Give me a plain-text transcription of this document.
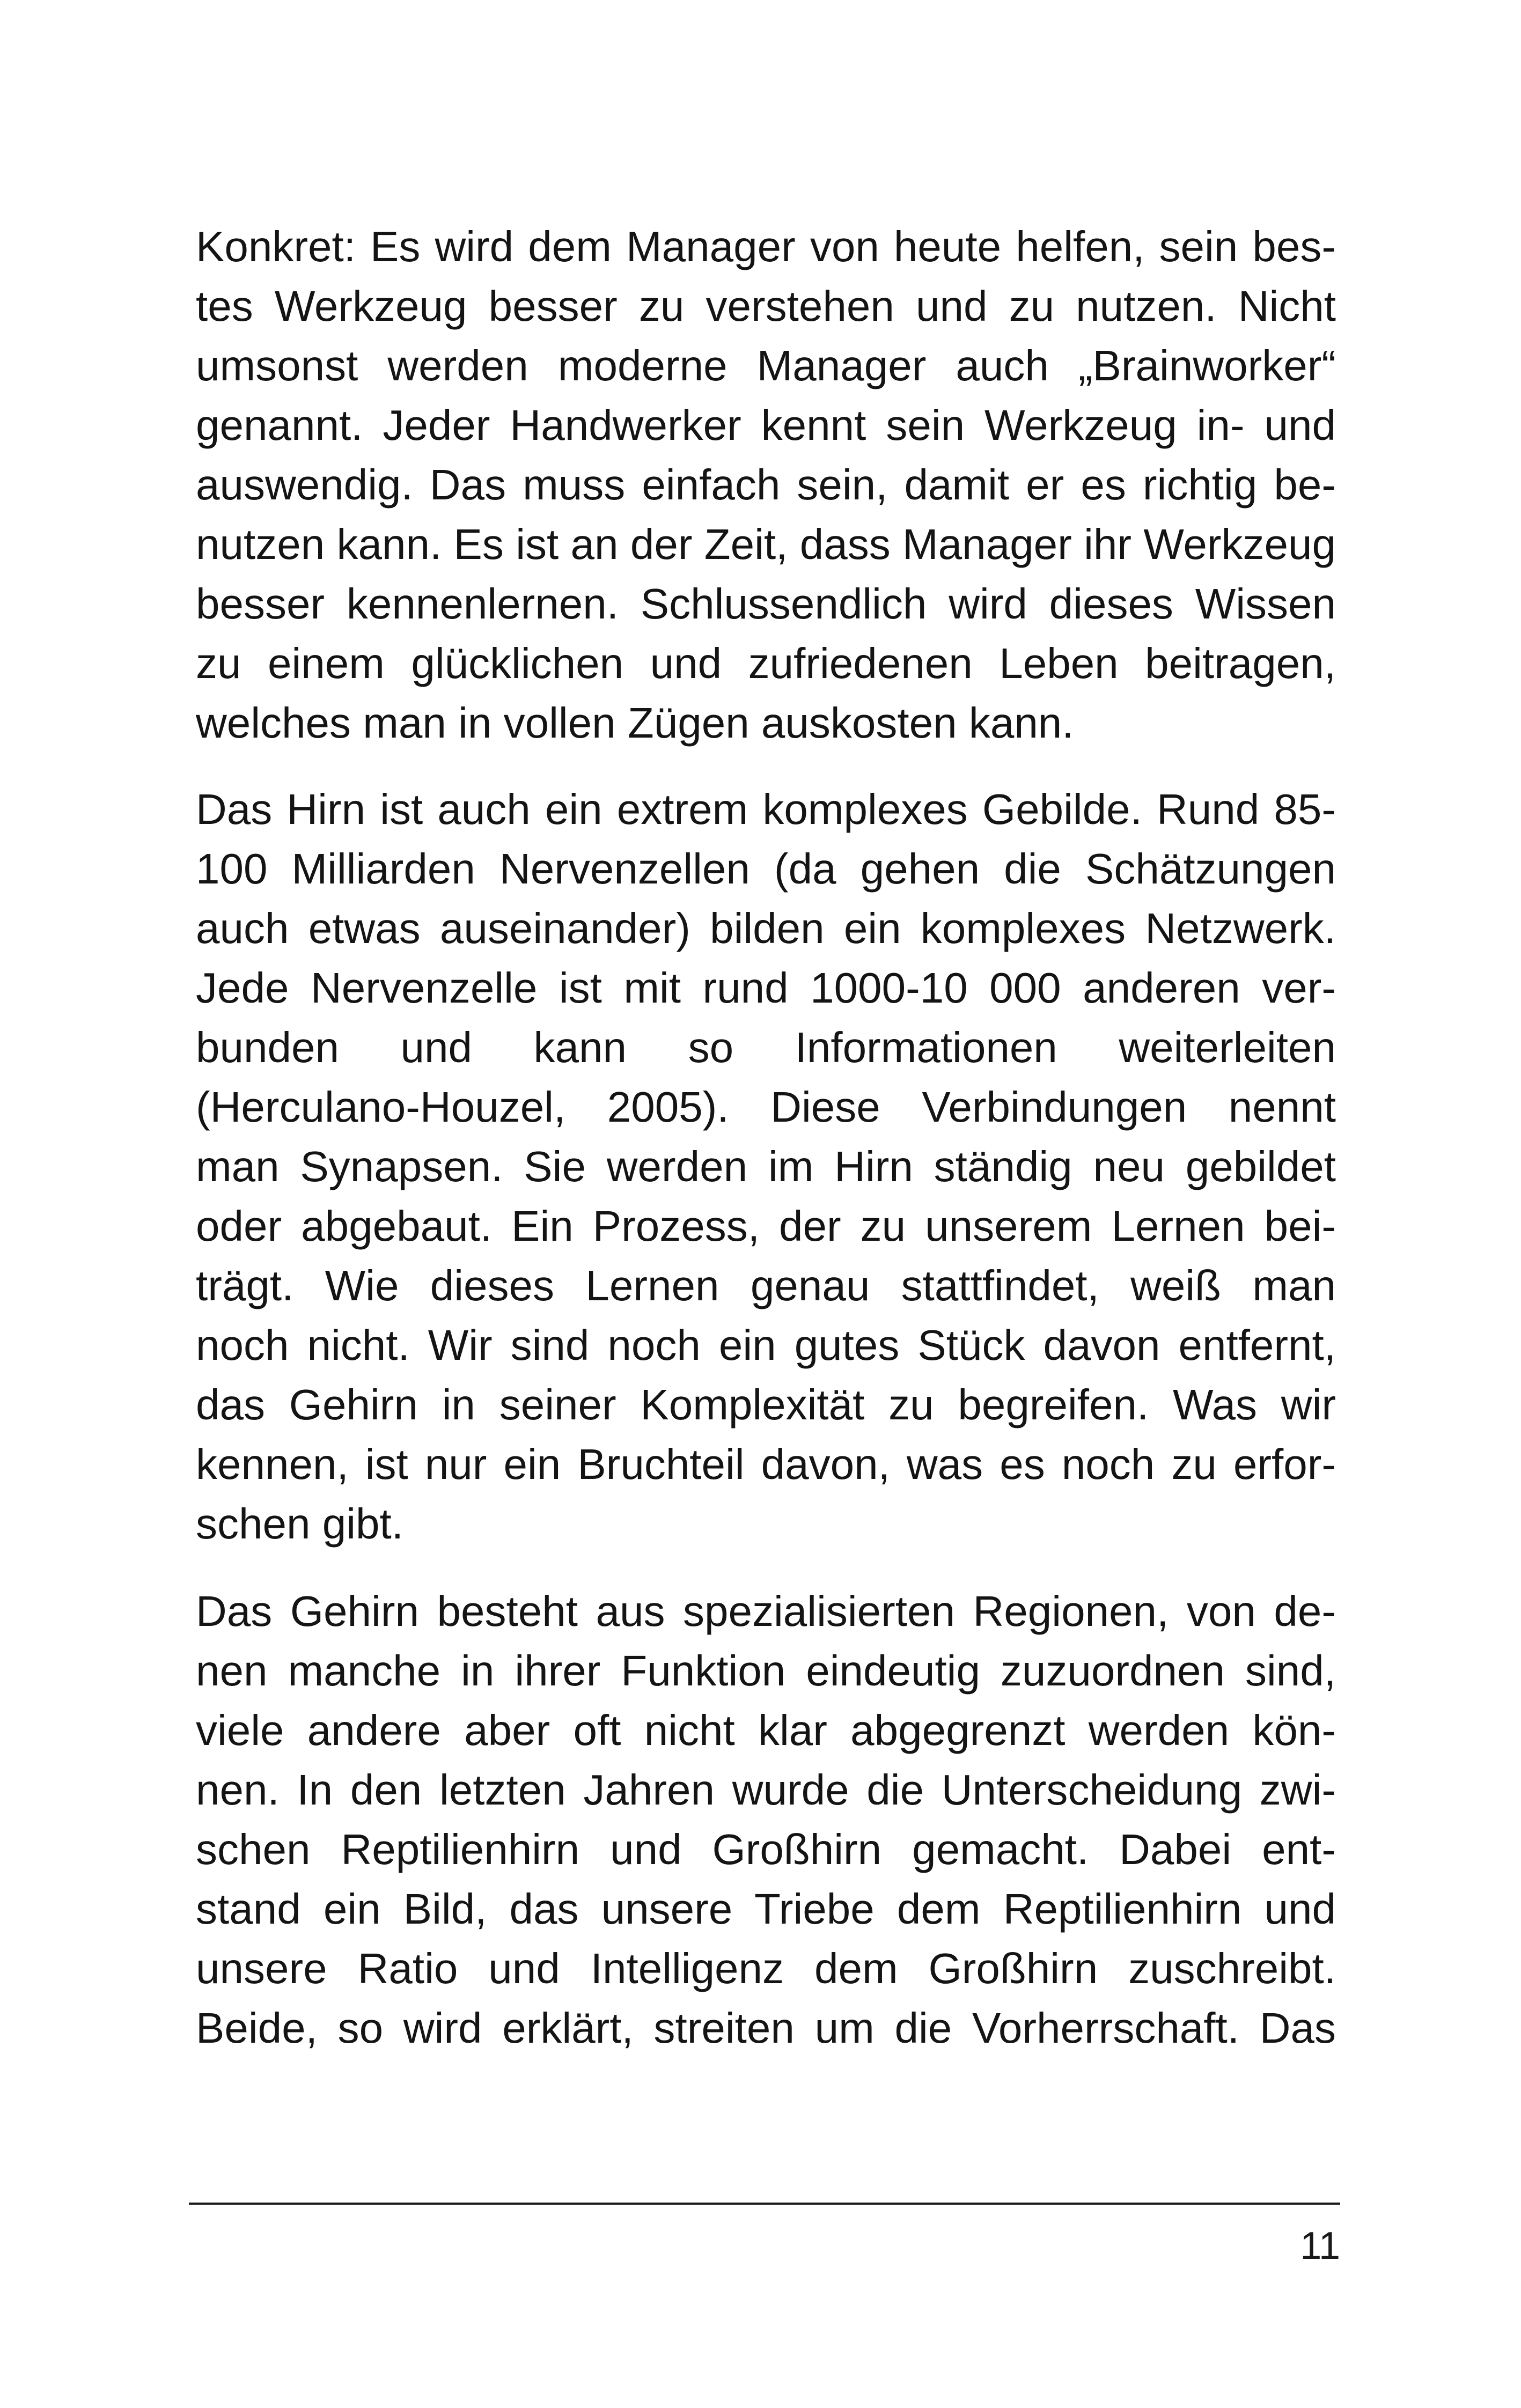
Konkret: Es wird dem Manager von heute helfen, sein bes-
tes Werkzeug besser zu verstehen und zu nutzen. Nicht
umsonst werden moderne Manager auch „Brainworker“
genannt. Jeder Handwerker kennt sein Werkzeug in- und
auswendig. Das muss einfach sein, damit er es richtig be-
nutzen kann. Es ist an der Zeit, dass Manager ihr Werkzeug
besser kennenlernen. Schlussendlich wird dieses Wissen
zu einem glücklichen und zufriedenen Leben beitragen,
welches man in vollen Zügen auskosten kann.
Das Hirn ist auch ein extrem komplexes Gebilde. Rund 85-
100 Milliarden Nervenzellen (da gehen die Schätzungen
auch etwas auseinander) bilden ein komplexes Netzwerk.
Jede Nervenzelle ist mit rund 1000-10 000 anderen ver-
bunden und kann so Informationen weiterleiten
(Herculano-Houzel, 2005). Diese Verbindungen nennt
man Synapsen. Sie werden im Hirn ständig neu gebildet
oder abgebaut. Ein Prozess, der zu unserem Lernen bei-
trägt. Wie dieses Lernen genau stattfindet, weiß man
noch nicht. Wir sind noch ein gutes Stück davon entfernt,
das Gehirn in seiner Komplexität zu begreifen. Was wir
kennen, ist nur ein Bruchteil davon, was es noch zu erfor-
schen gibt.
Das Gehirn besteht aus spezialisierten Regionen, von de-
nen manche in ihrer Funktion eindeutig zuzuordnen sind,
viele andere aber oft nicht klar abgegrenzt werden kön-
nen. In den letzten Jahren wurde die Unterscheidung zwi-
schen Reptilienhirn und Großhirn gemacht. Dabei ent-
stand ein Bild, das unsere Triebe dem Reptilienhirn und
unsere Ratio und Intelligenz dem Großhirn zuschreibt.
Beide, so wird erklärt, streiten um die Vorherrschaft. Das
11
